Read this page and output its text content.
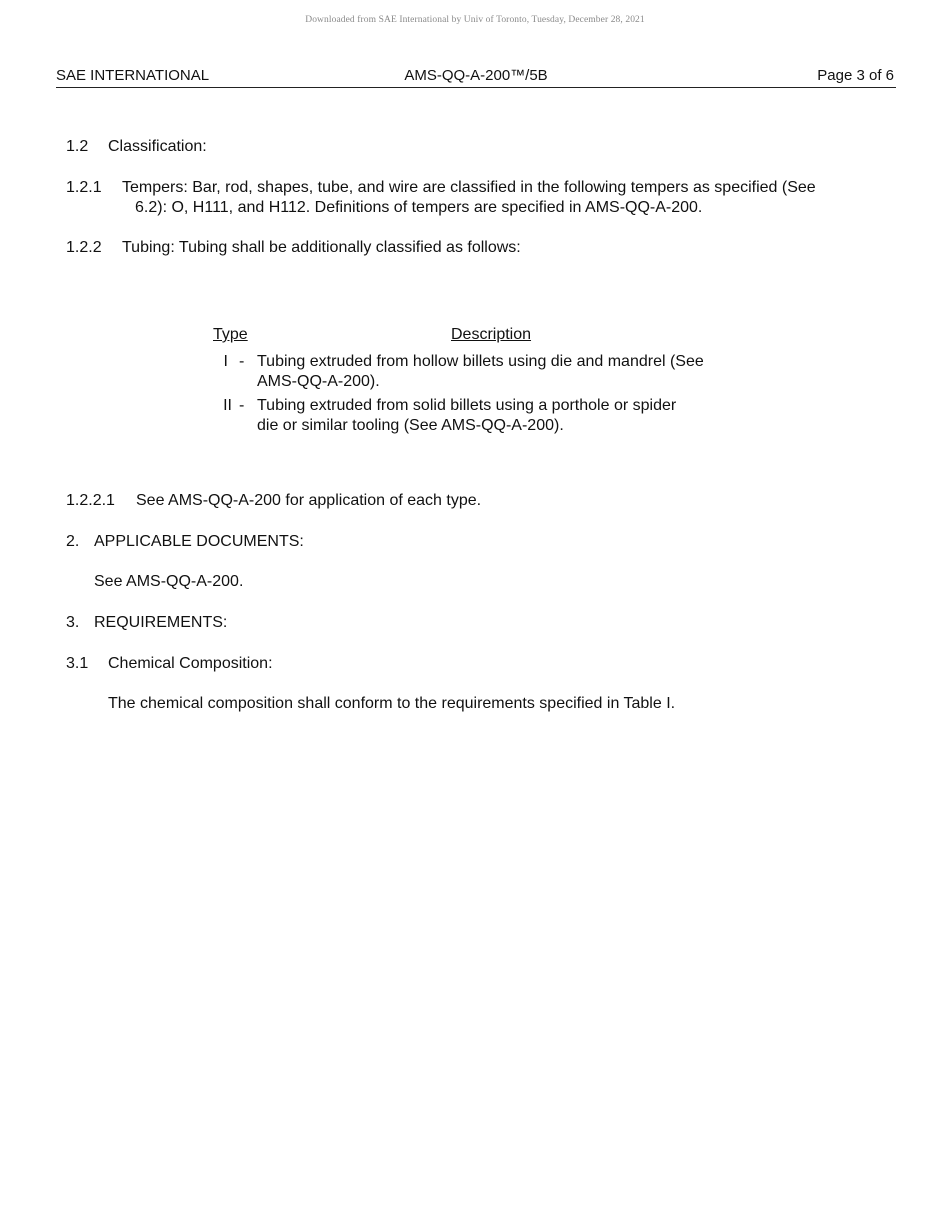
Downloaded from SAE International by Univ of Toronto, Tuesday, December 28, 2021
SAE INTERNATIONAL	AMS-QQ-A-200™/5B	Page 3 of 6
1.2 Classification:
1.2.1 Tempers: Bar, rod, shapes, tube, and wire are classified in the following tempers as specified (See
6.2): O, H111, and H112. Definitions of tempers are specified in AMS-QQ-A-200.
1.2.2 Tubing: Tubing shall be additionally classified as follows:
Type	Description
I - Tubing extruded from hollow billets using die and mandrel (See
AMS-QQ-A-200).
II - Tubing extruded from solid billets using a porthole or spider
die or similar tooling (See AMS-QQ-A-200).
1.2.2.1 See AMS-QQ-A-200 for application of each type.
2. APPLICABLE DOCUMENTS:
See AMS-QQ-A-200.
3. REQUIREMENTS:
3.1 Chemical Composition:
The chemical composition shall conform to the requirements specified in Table I.
